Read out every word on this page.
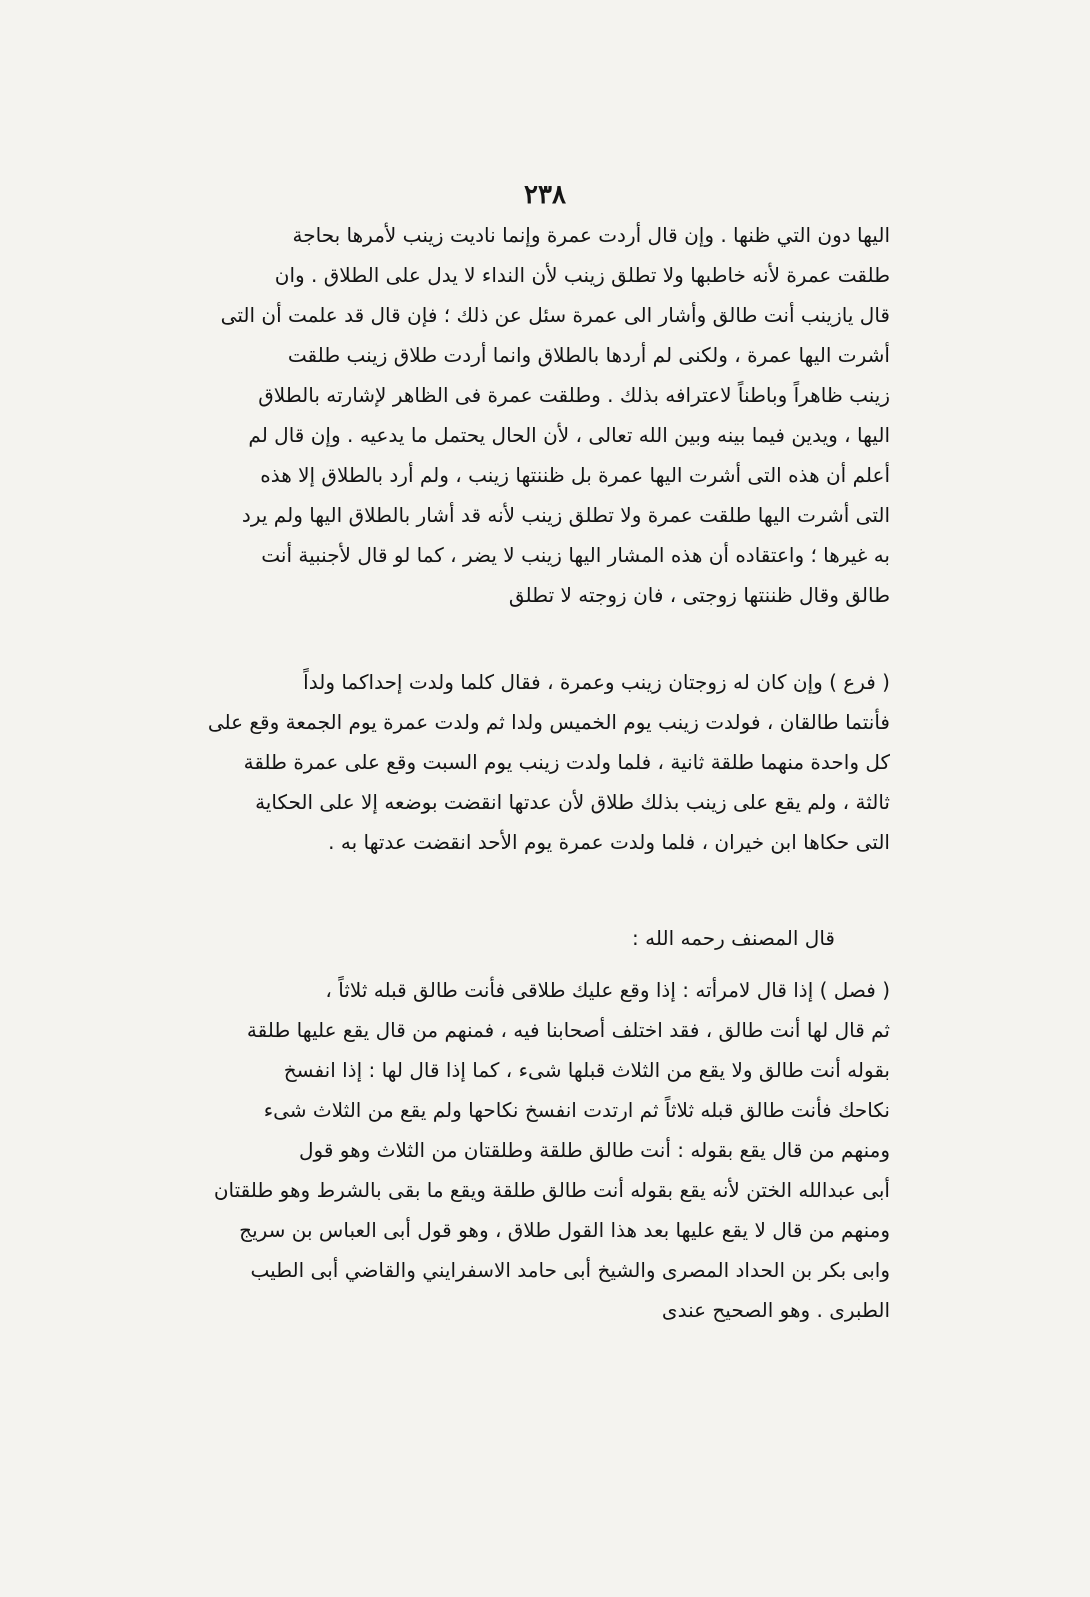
٢٣٨
اليها دون التي ظنها . وإن قال أردت عمرة وإنما ناديت زينب لأمرها بحاجة
طلقت عمرة لأنه خاطبها ولا تطلق زينب لأن النداء لا يدل على الطلاق . وان
قال يازينب أنت طالق وأشار الى عمرة سئل عن ذلك ؛ فإن قال قد علمت أن التى
أشرت اليها عمرة ، ولكنى لم أردها بالطلاق وانما أردت طلاق زينب طلقت
زينب ظاهراً وباطناً لاعترافه بذلك . وطلقت عمرة فى الظاهر لإشارته بالطلاق
اليها ، ويدين فيما بينه وبين الله تعالى ، لأن الحال يحتمل ما يدعيه . وإن قال لم
أعلم أن هذه التى أشرت اليها عمرة بل ظننتها زينب ، ولم أرد بالطلاق إلا هذه
التى أشرت اليها طلقت عمرة ولا تطلق زينب لأنه قد أشار بالطلاق اليها ولم يرد
به غيرها ؛ واعتقاده أن هذه المشار اليها زينب لا يضر ، كما لو قال لأجنبية أنت
طالق وقال ظننتها زوجتى ، فان زوجته لا تطلق
( فرع ) وإن كان له زوجتان زينب وعمرة ، فقال كلما ولدت إحداكما ولداً
فأنتما طالقان ، فولدت زينب يوم الخميس ولدا ثم ولدت عمرة يوم الجمعة وقع على
كل واحدة منهما طلقة ثانية ، فلما ولدت زينب يوم السبت وقع على عمرة طلقة
ثالثة ، ولم يقع على زينب بذلك طلاق لأن عدتها انقضت بوضعه إلا على الحكاية
التى حكاها ابن خيران ، فلما ولدت عمرة يوم الأحد انقضت عدتها به .
قال المصنف رحمه الله :
( فصل ) إذا قال لامرأته : إذا وقع عليك طلاقى فأنت طالق قبله ثلاثاً ،
ثم قال لها أنت طالق ، فقد اختلف أصحابنا فيه ، فمنهم من قال يقع عليها طلقة
بقوله أنت طالق ولا يقع من الثلاث قبلها شىء ، كما إذا قال لها : إذا انفسخ
نكاحك فأنت طالق قبله ثلاثاً ثم ارتدت انفسخ نكاحها ولم يقع من الثلاث شىء
ومنهم من قال يقع بقوله : أنت طالق طلقة وطلقتان من الثلاث وهو قول
أبى عبدالله الختن لأنه يقع بقوله أنت طالق طلقة ويقع ما بقى بالشرط وهو طلقتان
ومنهم من قال لا يقع عليها بعد هذا القول طلاق ، وهو قول أبى العباس بن سريج
وابى بكر بن الحداد المصرى والشيخ أبى حامد الاسفرايني والقاضي أبى الطيب
الطبرى . وهو الصحيح عندى
